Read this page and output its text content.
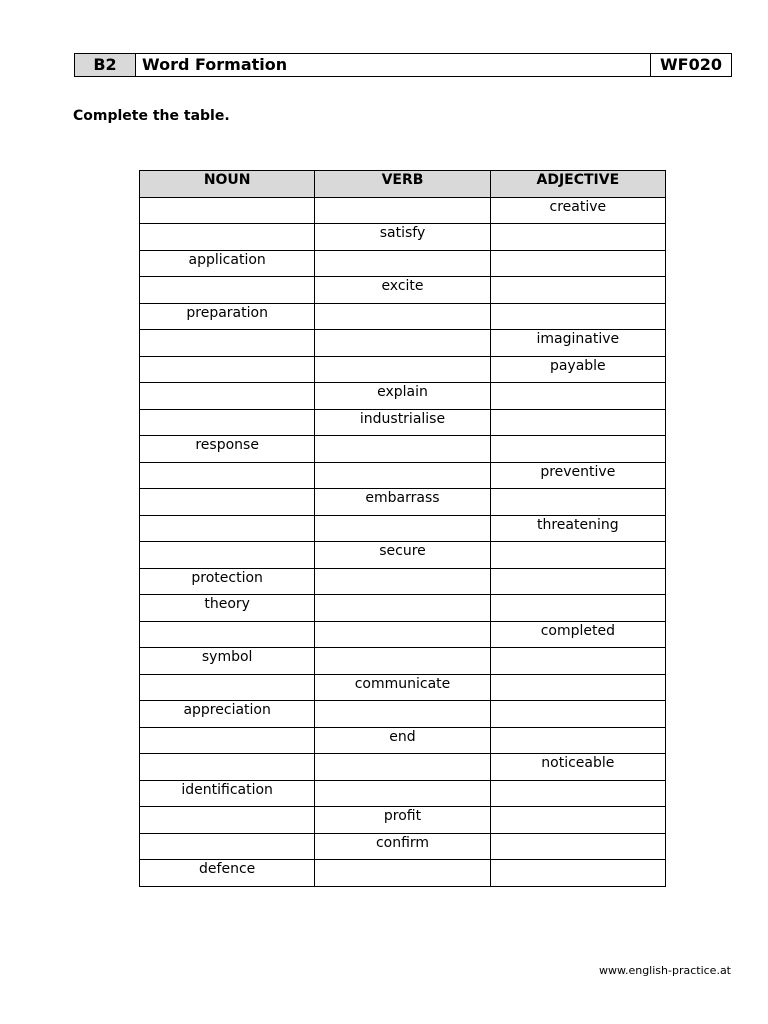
B2	Word Formation	WF020
Complete the table.
NOUN	VERB	ADJECTIVE
		creative
	satisfy	
application		
	excite	
preparation		
		imaginative
		payable
	explain	
	industrialise	
response		
		preventive
	embarrass	
		threatening
	secure	
protection		
theory		
		completed
symbol		
	communicate	
appreciation		
	end	
		noticeable
identification		
	profit	
	confirm	
defence		
www.english-practice.at
